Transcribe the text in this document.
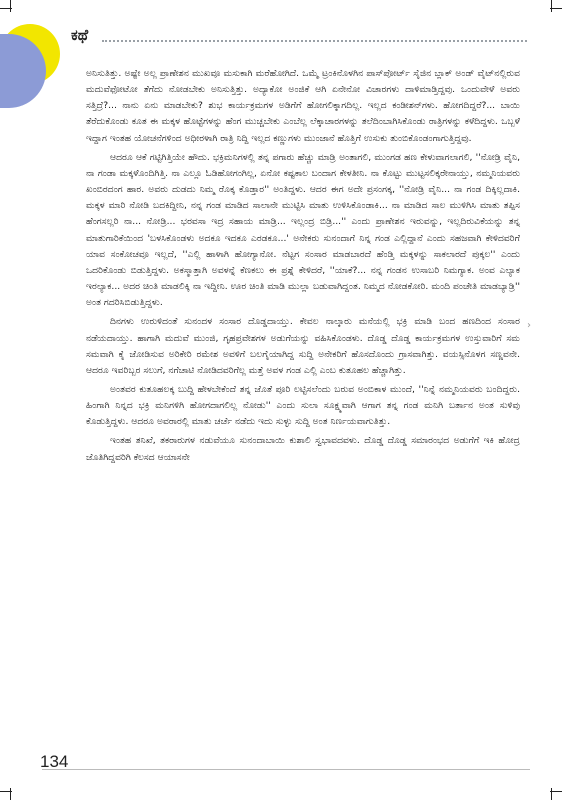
ಕಥೆ
›

ಅನಿಸುತಿತ್ತು. ಅಷ್ಟೇ ಅಲ್ಲ ಪ್ರಾಣೇಶನ ಮುಖವೂ ಮಸುಕಾಗಿ ಮರೆಹೋಗಿದೆ. ಒಮ್ಮೆ ಟ್ರಂಕಿನೊಳಗಿನ ಪಾಸ್‌ಪೋರ್ಟ್ ಸೈಜಿನ ಬ್ಲಾಕ್ ಅಂಡ್ ವೈಟ್‌ನಲ್ಲಿರುವ ಮದುವೆಫೋಟೋ ತೆಗೆದು ನೋಡಬೇಕು ಅನಿಸುತ್ತಿತ್ತು. ಅದ್ಯಾಕೋ ಅಂಜಿಕೆ ಆಗಿ ಏನೇನೋ ವಿಚಾರಗಳು ದಾಳಿಮಾಡ್ತಿದ್ದವು. ಒಂದುವೇಳೆ ಅವರು ಸತ್ತಿದ್ರೆ?... ನಾನು ಏನು ಮಾಡಬೇಕು? ಶುಭ ಕಾರ್ಯಕ್ರಮಗಳ ಅಡಿಗೆಗೆ ಹೋಗಲಿಕ್ಕಾಗದಿಲ್ಲ. ಇಲ್ಲದ ಕಂಡೀಶನ್‌ಗಳು. ಹೋಗದಿದ್ದರೆ?... ಬಾಯಿ ತೆರೆದುಕೊಂಡು ಕೂತ ಈ ಮಕ್ಕಳ ಹೊಟ್ಟೆಗಳನ್ನು ಹೆಂಗ ಮುಚ್ಚಬೇಕು ಎಂಬೆಲ್ಲ ಲೆಕ್ಕಾಚಾರಗಳನ್ನು ತಲೆದಿಂಬಾಗಿಸಿಕೊಂಡು ರಾತ್ರಿಗಳನ್ನು ಕಳೆದಿದ್ದಳು. ಒಬ್ಬಳೆ ಇದ್ದಾಗ ಇಂತಹ ಯೋಚನೆಗಳಿಂದ ಅಧೀರಳಾಗಿ ರಾತ್ರಿ ನಿದ್ದಿ ಇಲ್ಲದ ಕಣ್ಣುಗಳು ಮುಂಜಾನೆ ಹೊತ್ತಿಗೆ ಉಸುಕು ತುಂಬಿಕೊಂಡಂಗಾಗುತ್ತಿದ್ದವು.

ಆದರೂ ಆಕೆ ಗಟ್ಟಿಗಿತ್ತಿಯೇ ಹೌದು. ಭಕ್ರಿಮನಿಗಳಲ್ಲಿ ತನ್ನ ಪಗಾರು ಹೆಚ್ಚು ಮಾಡ್ರಿ ಅಂತಾಗಲಿ, ಮುಂಗಡ ಹಣ ಕೇಳುವಾಗಲಾಗಲಿ, ''ನೋಡ್ರಿ ವೈನಿ, ನಾ ಗಂಡಾ ಮಕ್ಕಳೊಂದಿಗಿತ್ತಿ. ನಾ ಎಲ್ಲೂ ಓಡಿಹೋಗಂಗಿಲ್ಲ, ಏನೋ ಕಷ್ಟಕಾಲ ಬಂದಾಗ ಕೇಳತೀನಿ. ನಾ ಕೊಟ್ಟು ಮುಟ್ಟಸಲಿಕ್ಕರೇನಾಯ್ತು, ನಮ್ಮನಿಯವರು ಖಂಬಿರದಂಗ ಹಾರ. ಅವರು ದುಡದು ನಿಮ್ಮ ರೊಕ್ಕ ಕೊಡ್ತಾರ'' ಅಂತಿದ್ದಳು. ಆದರ ಈಗ ಅದೇ ಪ್ರಸಂಗಕ್ಕ, ''ನೋಡ್ರಿ ವೈನಿ... ನಾ ಗಂಡ ದಿಕ್ಕಿಲ್ಲದಾಕಿ. ಮಕ್ಕಳ ಮಾರಿ ನೋಡಿ ಬದಕಿದ್ದೀನಿ, ನನ್ನ ಗಂಡ ಮಾಡಿದ ಸಾಲಾನೇ ಮುಟ್ಟಿಸಿ ಮಾತು ಉಳಿಸಿಕೊಂಡಾಕಿ... ನಾ ಮಾಡಿದ ಸಾಲ ಮುಳಿಗಿಸಿ ಮಾತು ತಪ್ಪಿಸ ಹೆಂಗಸಲ್ಲರಿ ನಾ... ನೋಡ್ರಿ... ಭರವಸಾ ಇದ್ರ ಸಹಾಯ ಮಾಡ್ರಿ... ಇಲ್ಲಂದ್ರ ಬಿಡ್ರಿ...'' ಎಂದು ಪ್ರಾಣೇಶನ ಇರುವನ್ನು, ಇಲ್ಲದಿರುವಿಕೆಯನ್ನು ತನ್ನ ಮಾತುಗಾರಿಕೆಯಿಂದ 'ಬಳಸಿಕೊಂಡಳು ಅದಕೂ ಇದಕೂ ಎರಡಕೂ...' ಅನೇಕರು ಸುನಂದಾಗೆ ನಿನ್ನ ಗಂಡ ಎಲ್ಲಿದ್ದಾನೆ ಎಂದು ಸಹಜವಾಗಿ ಕೇಳಿದವರಿಗೆ ಯಾವ ಸಂಕೋಚವೂ ಇಲ್ಲದೆ, ''ಎಲ್ಲಿ ಹಾಳಾಗಿ ಹೋಗ್ಯಾನೋ. ನೆಟ್ಟಗ ಸಂಸಾರ ಮಾಡಬಾರದೆ ಹೆಂಡ್ತಿ ಮಕ್ಕಳನ್ನು ಸಾಕಲಾರದೆ ಪುಕ್ಕಲ'' ಎಂದು ಒದರಿಕೊಂಡು ಬಿಡುತ್ತಿದ್ದಳು. ಅಕಸ್ಮಾತ್ತಾಗಿ ಅವಳನ್ನೆ ಕೆಣಕಲು ಈ ಪ್ರಶ್ನೆ ಕೇಳಿದರೆ, ''ಯಾಕೆ?... ನನ್ನ ಗಂಡನ ಉಸಾಬರಿ ನಿಮಗ್ಯಾಕ. ಅಂವ ಎಲ್ಯಾಕ ಇರಲ್ಯಾಕ... ಅದರ ಚಿಂತಿ ಮಾಡಲಿಕ್ಕಿ ನಾ ಇದ್ದೀನಿ. ಊರ ಚಿಂತಿ ಮಾಡಿ ಮುಲ್ಲಾ ಬಡುವಾಗಿದ್ದಂತ. ನಿಮ್ಮದ ನೋಡಕೋರಿ. ಮಂದಿ ಪಂಚೇತಿ ಮಾಡಬ್ಯಾಡ್ರಿ'' ಅಂತ ಗದರಿಸಿಬಿಡುತ್ತಿದ್ದಳು.

ದಿನಗಳು ಉರುಳಿದಂತೆ ಸುನಂದಳ ಸಂಸಾರ ದೊಡ್ಡದಾಯ್ತು. ಕೇವಲ ನಾಲ್ಕಾರು ಮನೆಯಲ್ಲಿ ಭಕ್ರಿ ಮಾಡಿ ಬಂದ ಹಣದಿಂದ ಸಂಸಾರ ನಡೆಯದಾಯ್ತು. ಹಾಗಾಗಿ ಮದುವೆ ಮುಂಜಿ, ಗೃಹಪ್ರವೇಶಗಳ ಅಡುಗೆಯನ್ನು ವಹಿಸಿಕೊಂಡಳು. ದೊಡ್ಡ ದೊಡ್ಡ ಕಾರ್ಯಕ್ರಮಗಳ ಉಸ್ತುವಾರಿಗೆ ಸಮ ಸಮವಾಗಿ ಕೈ ಜೋಡಿಸುವ ಅರಿಕೇರಿ ರಮೇಶ ಅವಳಿಗೆ ಬಲಗೈಯಾಗಿದ್ದ ಸುದ್ದಿ ಅನೇಕರಿಗೆ ಹೊಸದೊಂದು ಗ್ರಾಸವಾಗಿತ್ತು. ವಯಸ್ಸಿನೊಳಗ ಸಣ್ಣವನೇ. ಆದರೂ ಇವರಿಬ್ಬರ ಸಲುಗೆ, ನಗೆಚಾಟಿ ನೋಡಿದವರಿಗೆಲ್ಲ ಮತ್ತೆ ಅವಳ ಗಂಡ ಎಲ್ಲಿ ಎಂಬ ಕುತೂಹಲ ಹೆಚ್ಚಾಗಿತ್ತು.

ಅಂತವರ ಕುತೂಹಲಕ್ಕ ಬುದ್ದಿ ಹೇಳಬೇಕೆಂದೆ ತನ್ನ ಜೊತೆ ಪೂರಿ ಲಟ್ಟಿಸಲೆಂದು ಬರುವ ಅಂಬಿಕಾಳ ಮುಂದೆ, ''ನಿನ್ನೆ ನಮ್ಮನಿಯವರು ಬಂದಿದ್ದರು. ಹಿಂಗಾಗಿ ನಿನ್ನದ ಭಕ್ರಿ ಮನಿಗಳಿಗಿ ಹೋಗದಾಗಲಿಲ್ಲ ನೋಡು'' ಎಂದು ಸುಲಾ ಸೂಕ್ಷ್ಮವಾಗಿ ಆಗಾಗ ತನ್ನ ಗಂಡ ಮನಿಗಿ ಬರ್ತಾನ ಅಂತ ಸುಳಿವು ಕೊಡುತ್ತಿದ್ದಳು. ಆದರೂ ಅವರಾರಲ್ಲಿ ಮಾತು ಚರ್ಚೆ ನಡೆದು ಇದು ಸುಳ್ಳು ಸುದ್ದಿ ಅಂತ ನಿರ್ಣಯವಾಗುತಿತ್ತು.

ಇಂತಹ ತನಿಖೆ, ತಕರಾರುಗಳ ನಡುವೆಯೂ ಸುನಂದಾಬಾಯಿ ಕುಶಾಲಿ ಸ್ವಭಾವದವಳು. ದೊಡ್ಡ ದೊಡ್ಡ ಸಮಾರಂಭದ ಅಡುಗೆಗೆ ಇಕಿ ಹೋದ್ರ ಜೊತಿಗಿದ್ದವರಿಗಿ ಕೆಲಸದ ಆಯಾಸನೇ

134
